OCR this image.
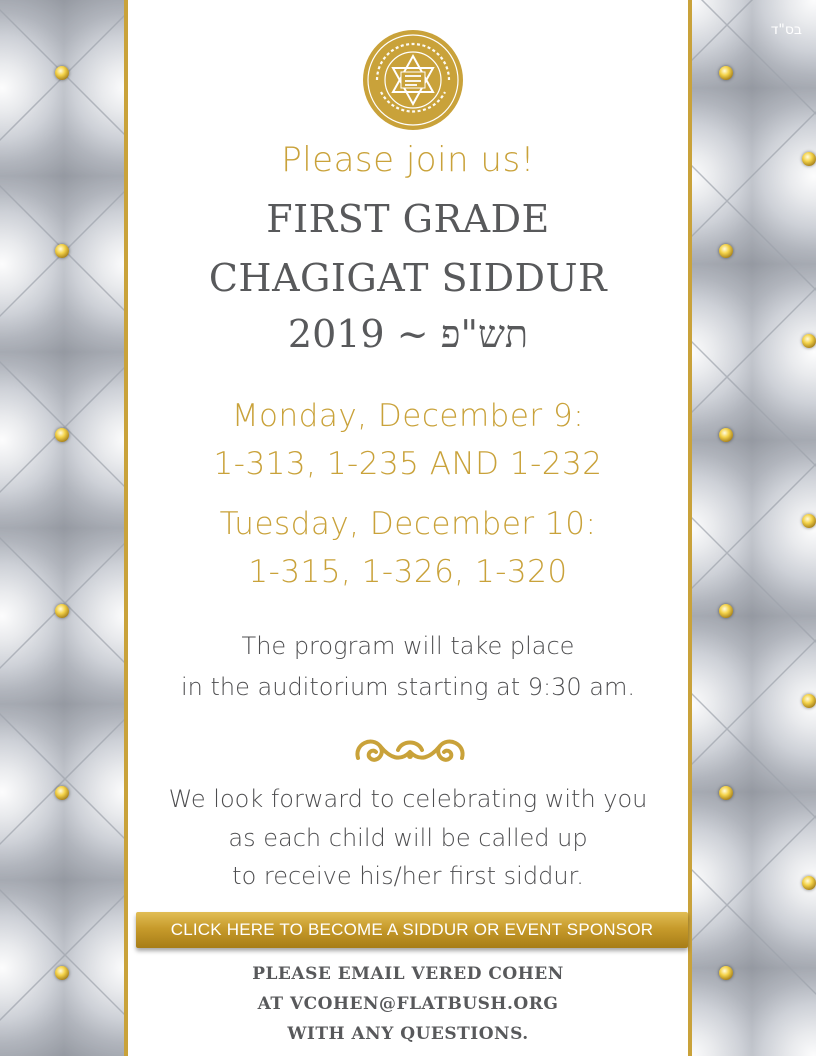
בס"ד
Please join us!
FIRST GRADE
CHAGIGAT SIDDUR
2019 ~ תש"פ
Monday, December 9:
1-313, 1-235 AND 1-232
Tuesday, December 10:
1-315, 1-326, 1-320
The program will take place
in the auditorium starting at 9:30 am.
We look forward to celebrating with you
as each child will be called up
to receive his/her first siddur.
CLICK HERE TO BECOME A SIDDUR OR EVENT SPONSOR
PLEASE EMAIL VERED COHEN
AT VCOHEN@FLATBUSH.ORG
WITH ANY QUESTIONS.
